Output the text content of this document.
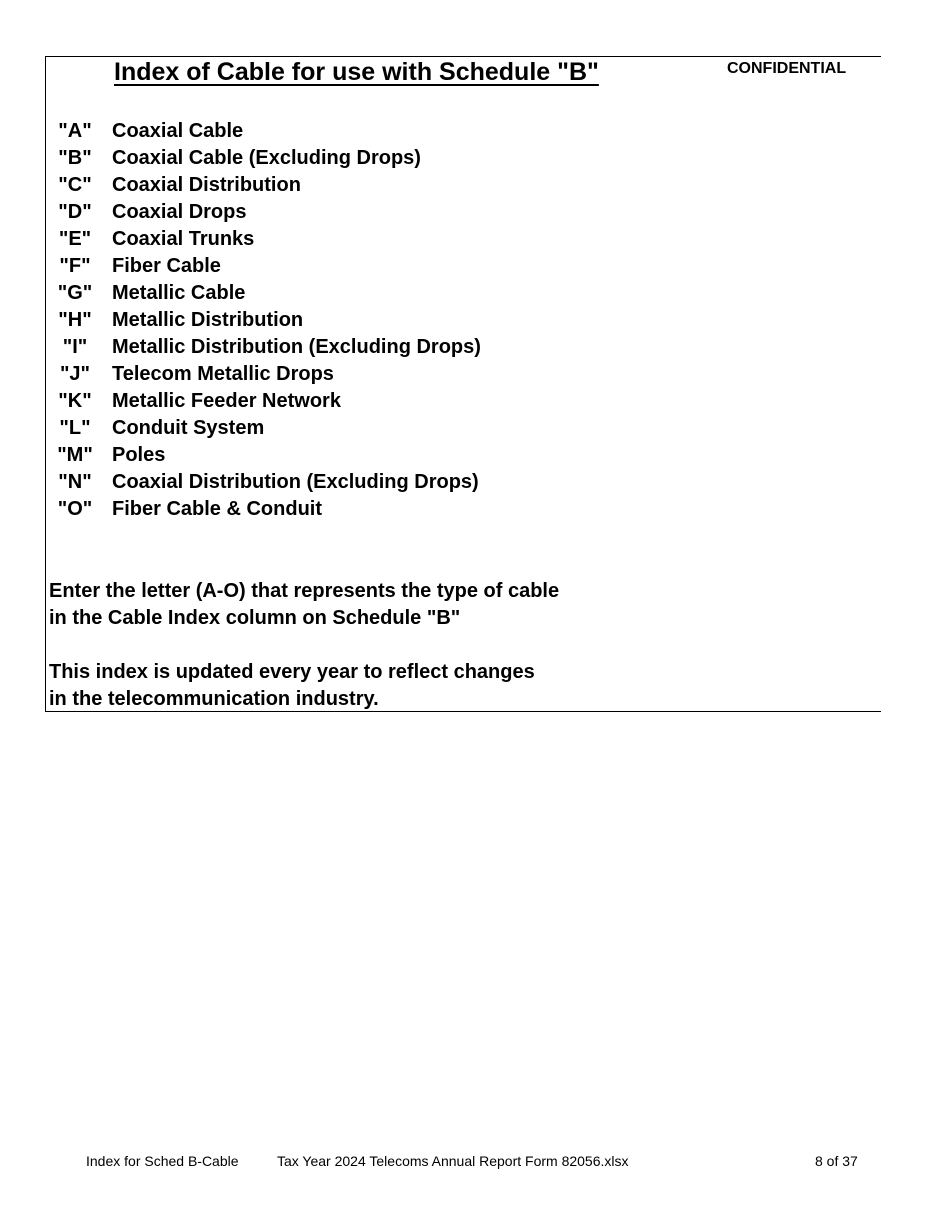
Index of Cable for use with Schedule "B"	CONFIDENTIAL
"A"	Coaxial Cable
"B"	Coaxial Cable (Excluding Drops)
"C"	Coaxial Distribution
"D"	Coaxial Drops
"E"	Coaxial Trunks
"F"	Fiber Cable
"G" Metallic Cable
"H"	Metallic Distribution
"I"	Metallic Distribution (Excluding Drops)
"J"	Telecom Metallic Drops
"K"	Metallic Feeder Network
"L"	Conduit System
"M" Poles
"N"	Coaxial Distribution (Excluding Drops)
"O" Fiber Cable & Conduit
Enter the letter (A-O) that represents the type of cable
in the Cable Index column on Schedule "B"
This index is updated every year to reflect changes
in the telecommunication industry.
Index for Sched B-Cable	Tax Year 2024 Telecoms Annual Report Form 82056.xlsx	8 of 37
